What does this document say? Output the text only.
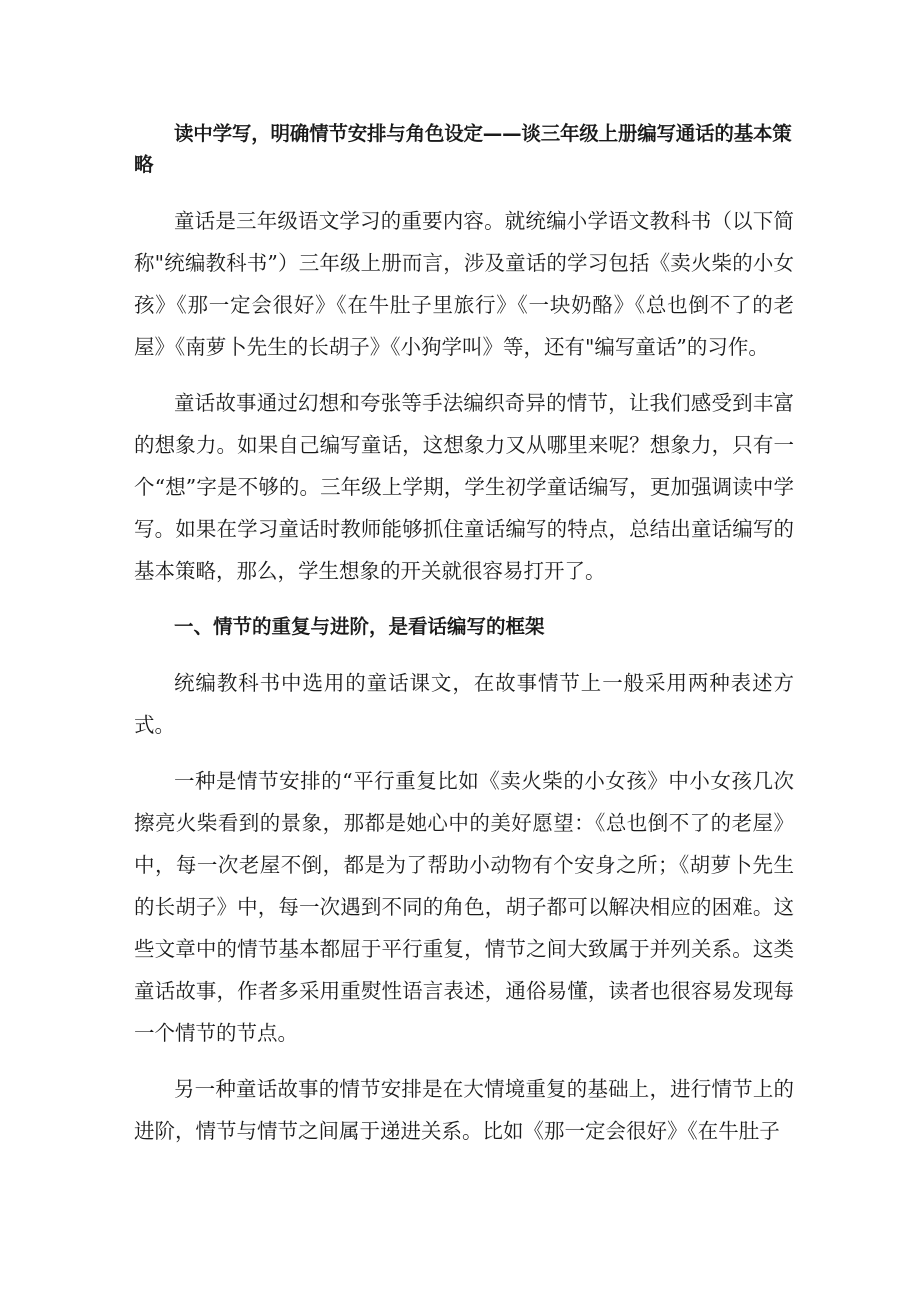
读中学写，明确情节安排与角色设定——谈三年级上册编写通话的基本策略

童话是三年级语文学习的重要内容。就统编小学语文教科书（以下简称"统编教科书”）三年级上册而言，涉及童话的学习包括《卖火柴的小女孩》《那一定会很好》《在牛肚子里旅行》《一块奶酪》《总也倒不了的老屋》《南萝卜先生的长胡子》《小狗学叫》等，还有"编写童话”的习作。

童话故事通过幻想和夸张等手法编织奇异的情节，让我们感受到丰富的想象力。如果自己编写童话，这想象力又从哪里来呢？想象力，只有一个“想”字是不够的。三年级上学期，学生初学童话编写，更加强调读中学写。如果在学习童话时教师能够抓住童话编写的特点，总结出童话编写的基本策略，那么，学生想象的开关就很容易打开了。

一、情节的重复与进阶，是看话编写的框架

统编教科书中选用的童话课文，在故事情节上一般采用两种表述方式。

一种是情节安排的“平行重复比如《卖火柴的小女孩》中小女孩几次擦亮火柴看到的景象，那都是她心中的美好愿望：《总也倒不了的老屋》中，每一次老屋不倒，都是为了帮助小动物有个安身之所；《胡萝卜先生的长胡子》中，每一次遇到不同的角色，胡子都可以解决相应的困难。这些文章中的情节基本都屈于平行重复，情节之间大致属于并列关系。这类童话故事，作者多采用重熨性语言表述，通俗易懂，读者也很容易发现每一个情节的节点。

另一种童话故事的情节安排是在大情境重复的基础上，进行情节上的进阶，情节与情节之间属于递进关系。比如《那一定会很好》《在牛肚子
